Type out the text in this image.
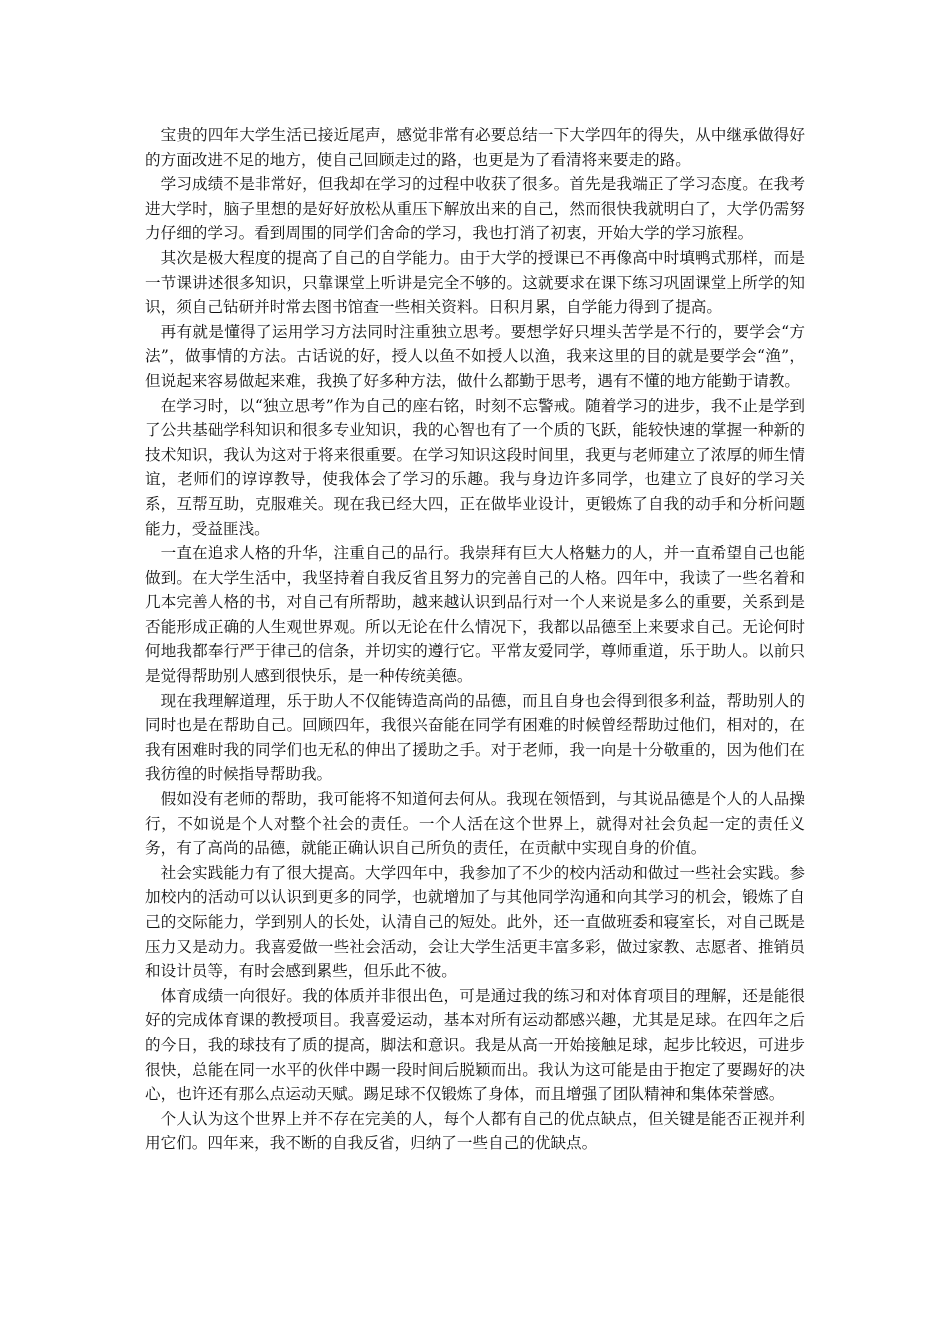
宝贵的四年大学生活已接近尾声，感觉非常有必要总结一下大学四年的得失，从中继承做得好的方面改进不足的地方，使自己回顾走过的路，也更是为了看清将来要走的路。

学习成绩不是非常好，但我却在学习的过程中收获了很多。首先是我端正了学习态度。在我考进大学时，脑子里想的是好好放松从重压下解放出来的自己，然而很快我就明白了，大学仍需努力仔细的学习。看到周围的同学们舍命的学习，我也打消了初衷，开始大学的学习旅程。

其次是极大程度的提高了自己的自学能力。由于大学的授课已不再像高中时填鸭式那样，而是一节课讲述很多知识，只靠课堂上听讲是完全不够的。这就要求在课下练习巩固课堂上所学的知识，须自己钻研并时常去图书馆查一些相关资料。日积月累，自学能力得到了提高。

再有就是懂得了运用学习方法同时注重独立思考。要想学好只埋头苦学是不行的，要学会“方法”，做事情的方法。古话说的好，授人以鱼不如授人以渔，我来这里的目的就是要学会“渔”，但说起来容易做起来难，我换了好多种方法，做什么都勤于思考，遇有不懂的地方能勤于请教。

在学习时，以“独立思考”作为自己的座右铭，时刻不忘警戒。随着学习的进步，我不止是学到了公共基础学科知识和很多专业知识，我的心智也有了一个质的飞跃，能较快速的掌握一种新的技术知识，我认为这对于将来很重要。在学习知识这段时间里，我更与老师建立了浓厚的师生情谊，老师们的谆谆教导，使我体会了学习的乐趣。我与身边许多同学，也建立了良好的学习关系，互帮互助，克服难关。现在我已经大四，正在做毕业设计，更锻炼了自我的动手和分析问题能力，受益匪浅。

一直在追求人格的升华，注重自己的品行。我崇拜有巨大人格魅力的人，并一直希望自己也能做到。在大学生活中，我坚持着自我反省且努力的完善自己的人格。四年中，我读了一些名着和几本完善人格的书，对自己有所帮助，越来越认识到品行对一个人来说是多么的重要，关系到是否能形成正确的人生观世界观。所以无论在什么情况下，我都以品德至上来要求自己。无论何时何地我都奉行严于律己的信条，并切实的遵行它。平常友爱同学，尊师重道，乐于助人。以前只是觉得帮助别人感到很快乐，是一种传统美德。

现在我理解道理，乐于助人不仅能铸造高尚的品德，而且自身也会得到很多利益，帮助别人的同时也是在帮助自己。回顾四年，我很兴奋能在同学有困难的时候曾经帮助过他们，相对的，在我有困难时我的同学们也无私的伸出了援助之手。对于老师，我一向是十分敬重的，因为他们在我彷徨的时候指导帮助我。

假如没有老师的帮助，我可能将不知道何去何从。我现在领悟到，与其说品德是个人的人品操行，不如说是个人对整个社会的责任。一个人活在这个世界上，就得对社会负起一定的责任义务，有了高尚的品德，就能正确认识自己所负的责任，在贡献中实现自身的价值。

社会实践能力有了很大提高。大学四年中，我参加了不少的校内活动和做过一些社会实践。参加校内的活动可以认识到更多的同学，也就增加了与其他同学沟通和向其学习的机会，锻炼了自己的交际能力，学到别人的长处，认清自己的短处。此外，还一直做班委和寝室长，对自己既是压力又是动力。我喜爱做一些社会活动，会让大学生活更丰富多彩，做过家教、志愿者、推销员和设计员等，有时会感到累些，但乐此不彼。

体育成绩一向很好。我的体质并非很出色，可是通过我的练习和对体育项目的理解，还是能很好的完成体育课的教授项目。我喜爱运动，基本对所有运动都感兴趣，尤其是足球。在四年之后的今日，我的球技有了质的提高，脚法和意识。我是从高一开始接触足球，起步比较迟，可进步很快，总能在同一水平的伙伴中踢一段时间后脱颖而出。我认为这可能是由于抱定了要踢好的决心，也许还有那么点运动天赋。踢足球不仅锻炼了身体，而且增强了团队精神和集体荣誉感。

个人认为这个世界上并不存在完美的人，每个人都有自己的优点缺点，但关键是能否正视并利用它们。四年来，我不断的自我反省，归纳了一些自己的优缺点。
